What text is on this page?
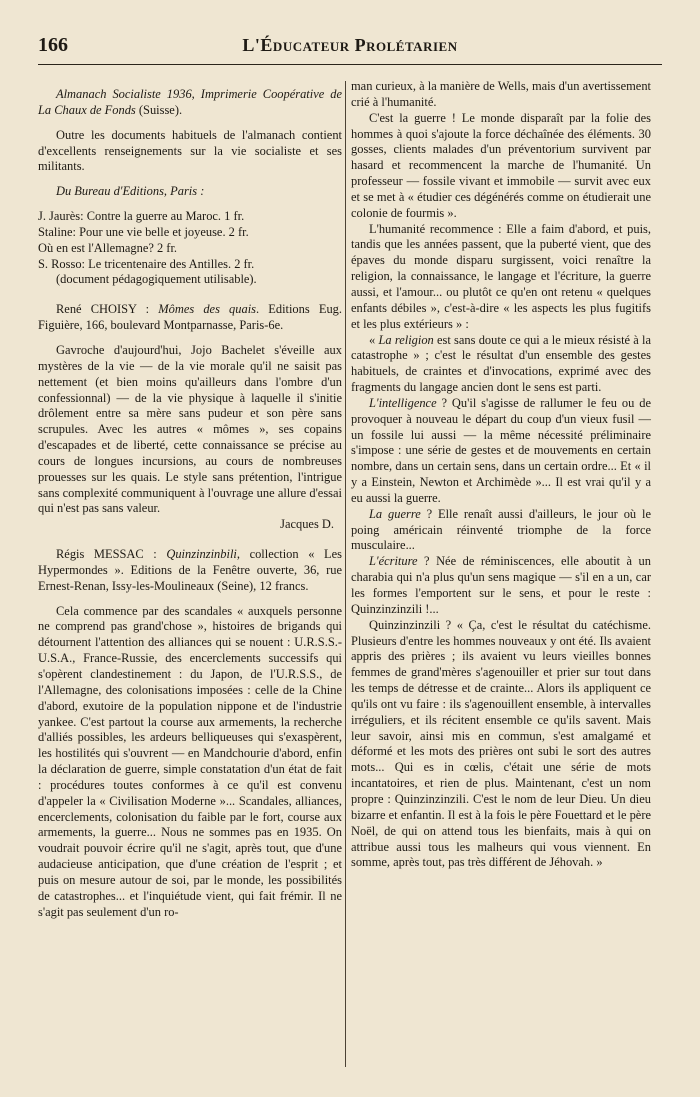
166	L'Éducateur Prolétarien

Almanach Socialiste 1936, Imprimerie Coopérative de La Chaux de Fonds (Suisse).

Outre les documents habituels de l'almanach contient d'excellents renseignements sur la vie socialiste et ses militants.

Du Bureau d'Editions, Paris :

J. Jaurès: Contre la guerre au Maroc. 1 fr.

Staline: Pour une vie belle et joyeuse. 2 fr.

Où en est l'Allemagne? 2 fr.

S. Rosso: Le tricentenaire des Antilles. 2 fr.

(document pédagogiquement utilisable).

René CHOISY : Mômes des quais. Editions Eug. Figuière, 166, boulevard Montparnasse, Paris-6e.

Gavroche d'aujourd'hui, Jojo Bachelet s'éveille aux mystères de la vie — de la vie morale qu'il ne saisit pas nettement (et bien moins qu'ailleurs dans l'ombre d'un confessionnal) — de la vie physique à laquelle il s'initie drôlement entre sa mère sans pudeur et son père sans scrupules. Avec les autres « mômes », ses copains d'escapades et de liberté, cette connaissance se précise au cours de longues incursions, au cours de nombreuses prouesses sur les quais. Le style sans prétention, l'intrigue sans complexité communiquent à l'ouvrage une allure d'essai qui n'est pas sans valeur.

Jacques D.

Régis MESSAC : Quinzinzinbili, collection « Les Hypermondes ». Editions de la Fenêtre ouverte, 36, rue Ernest-Renan, Issy-les-Moulineaux (Seine), 12 francs.

Cela commence par des scandales « auxquels personne ne comprend pas grand'chose », histoires de brigands qui détournent l'attention des alliances qui se nouent : U.R.S.S.-U.S.A., France-Russie, des encerclements successifs qui s'opèrent clandestinement : du Japon, de l'U.R.S.S., de l'Allemagne, des colonisations imposées : celle de la Chine d'abord, exutoire de la population nippone et de l'industrie yankee. C'est partout la course aux armements, la recherche d'alliés possibles, les ardeurs belliqueuses qui s'exaspèrent, les hostilités qui s'ouvrent — en Mandchourie d'abord, enfin la déclaration de guerre, simple constatation d'un état de fait : procédures toutes conformes à ce qu'il est convenu d'appeler la « Civilisation Moderne »... Scandales, alliances, encerclements, colonisation du faible par le fort, course aux armements, la guerre... Nous ne sommes pas en 1935. On voudrait pouvoir écrire qu'il ne s'agit, après tout, que d'une audacieuse anticipation, que d'une création de l'esprit ; et puis on mesure autour de soi, par le monde, les possibilités de catastrophes... et l'inquiétude vient, qui fait frémir. Il ne s'agit pas seulement d'un ro-

man curieux, à la manière de Wells, mais d'un avertissement crié à l'humanité.

C'est la guerre ! Le monde disparaît par la folie des hommes à quoi s'ajoute la force déchaînée des éléments. 30 gosses, clients malades d'un préventorium survivent par hasard et recommencent la marche de l'humanité. Un professeur — fossile vivant et immobile — survit avec eux et se met à « étudier ces dégénérés comme on étudierait une colonie de fourmis ».

L'humanité recommence : Elle a faim d'abord, et puis, tandis que les années passent, que la puberté vient, que des épaves du monde disparu surgissent, voici renaître la religion, la connaissance, le langage et l'écriture, la guerre aussi, et l'amour... ou plutôt ce qu'en ont retenu « quelques enfants débiles », c'est-à-dire « les aspects les plus fugitifs et les plus extérieurs » :

« La religion est sans doute ce qui a le mieux résisté à la catastrophe » ; c'est le résultat d'un ensemble des gestes habituels, de craintes et d'invocations, exprimé avec des fragments du langage ancien dont le sens est parti.

L'intelligence ? Qu'il s'agisse de rallumer le feu ou de provoquer à nouveau le départ du coup d'un vieux fusil — un fossile lui aussi — la même nécessité préliminaire s'impose : une série de gestes et de mouvements en certain nombre, dans un certain sens, dans un certain ordre... Et « il y a Einstein, Newton et Archimède »... Il est vrai qu'il y a eu aussi la guerre.

La guerre ? Elle renaît aussi d'ailleurs, le jour où le poing américain réinventé triomphe de la force musculaire...

L'écriture ? Née de réminiscences, elle aboutit à un charabia qui n'a plus qu'un sens magique — s'il en a un, car les formes l'emportent sur le sens, et pour le reste : Quinzinzinzili !...

Quinzinzinzili ? « Ça, c'est le résultat du catéchisme. Plusieurs d'entre les hommes nouveaux y ont été. Ils avaient appris des prières ; ils avaient vu leurs vieilles bonnes femmes de grand'mères s'agenouiller et prier sur tout dans les temps de détresse et de crainte... Alors ils appliquent ce qu'ils ont vu faire : ils s'agenouillent ensemble, à intervalles irréguliers, et ils récitent ensemble ce qu'ils savent. Mais leur savoir, ainsi mis en commun, s'est amalgamé et déformé et les mots des prières ont subi le sort des autres mots... Qui es in cœlis, c'était une série de mots incantatoires, et rien de plus. Maintenant, c'est un nom propre : Quinzinzinzili. C'est le nom de leur Dieu. Un dieu bizarre et enfantin. Il est à la fois le père Fouettard et le père Noël, de qui on attend tous les bienfaits, mais à qui on attribue aussi tous les malheurs qui vous viennent. En somme, après tout, pas très différent de Jéhovah. »
